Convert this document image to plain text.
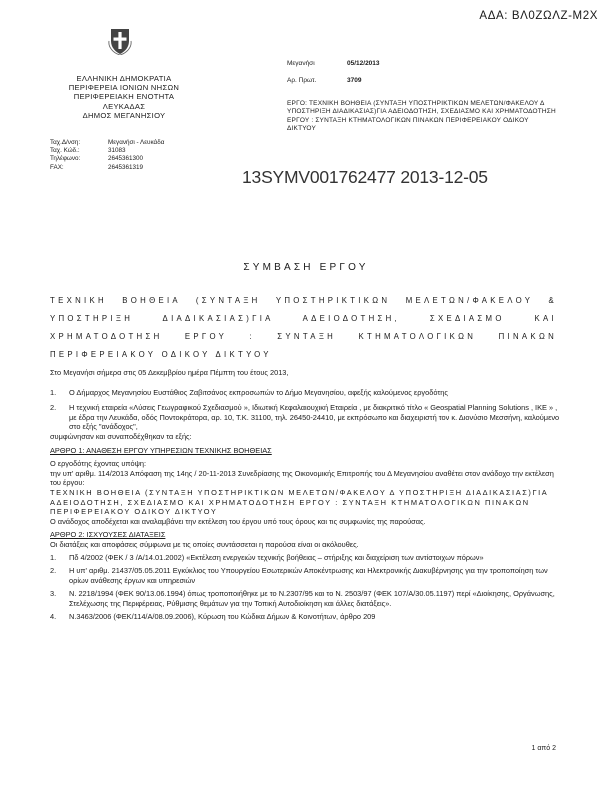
ΑΔΑ: ΒΛ0ΖΩΛΖ-Μ2Χ
ΕΛΛΗΝΙΚΗ ΔΗΜΟΚΡΑΤΙΑ
ΠΕΡΙΦΕΡΕΙΑ ΙΟΝΙΩΝ ΝΗΣΩΝ
ΠΕΡΙΦΕΡΕΙΑΚΗ ΕΝΟΤΗΤΑ
ΛΕΥΚΑΔΑΣ
ΔΗΜΟΣ ΜΕΓΑΝΗΣΙΟΥ
Ταχ.Δ/νση:	Μεγανήσι - Λευκάδα
Ταχ. Κώδ.:	31083
Τηλέφωνο:	2645361300
FAX:	2645361319
Μεγανήσι	05/12/2013
Αρ. Πρωτ.	3709
ΕΡΓΟ: ΤΕΧΝΙΚΗ ΒΟΗΘΕΙΑ (ΣΥΝΤΑΞΗ ΥΠΟΣΤΗΡΙΚΤΙΚΩΝ ΜΕΛΕΤΩΝ/ΦΑΚΕΛΟΥ Δ ΥΠΟΣΤΗΡΙΞΗ ΔΙΑΔΙΚΑΣΙΑΣ)ΓΙΑ ΑΔΕΙΟΔΟΤΗΣΗ, ΣΧΕΔΙΑΣΜΟ ΚΑΙ ΧΡΗΜΑΤΟΔΟΤΗΣΗ ΕΡΓΟΥ : ΣΥΝΤΑΞΗ ΚΤΗΜΑΤΟΛΟΓΙΚΩΝ ΠΙΝΑΚΩΝ ΠΕΡΙΦΕΡΕΙΑΚΟΥ ΟΔΙΚΟΥ ΔΙΚΤΥΟΥ
13SYMV001762477 2013-12-05
ΣΥΜΒΑΣΗ ΕΡΓΟΥ
ΤΕΧΝΙΚΗ ΒΟΗΘΕΙΑ (ΣΥΝΤΑΞΗ ΥΠΟΣΤΗΡΙΚΤΙΚΩΝ ΜΕΛΕΤΩΝ/ΦΑΚΕΛΟΥ &
ΥΠΟΣΤΗΡΙΞΗ ΔΙΑΔΙΚΑΣΙΑΣ)ΓΙΑ ΑΔΕΙΟΔΟΤΗΣΗ, ΣΧΕΔΙΑΣΜΟ ΚΑΙ
ΧΡΗΜΑΤΟΔΟΤΗΣΗ ΕΡΓΟΥ : ΣΥΝΤΑΞΗ ΚΤΗΜΑΤΟΛΟΓΙΚΩΝ ΠΙΝΑΚΩΝ
ΠΕΡΙΦΕΡΕΙΑΚΟΥ ΟΔΙΚΟΥ ΔΙΚΤΥΟΥ
Στο Μεγανήσι σήμερα στις 05 Δεκεμβρίου ημέρα Πέμπτη του έτους 2013,
1.	Ο Δήμαρχος Μεγανησίου Ευστάθιος Ζαβιτσάνος εκπροσωπών το Δήμο Μεγανησίου, αφεξής καλούμενος εργοδότης
2.	Η τεχνική εταιρεία «Λύσεις Γεωγραφικού Σχεδιασμού », Ιδιωτική Κεφαλαιουχική Εταιρεία , με διακριτικό τίτλο « Geospatial Planning Solutions , IKE » , με έδρα την Λευκάδα, οδός Ποντοκράτορα, αρ. 10, Τ.Κ. 31100, τηλ. 26450-24410, με εκπρόσωπο και διαχειριστή τον κ. Διονύσιο Μεσσήνη, καλούμενο στο εξής "ανάδοχος",
συμφώνησαν και συναποδέχθηκαν τα εξής:
ΑΡΘΡΟ 1: ΑΝΑΘΕΣΗ ΕΡΓΟΥ ΥΠΗΡΕΣΙΩΝ ΤΕΧΝΙΚΗΣ ΒΟΗΘΕΙΑΣ
Ο εργοδότης έχοντας υπόψη:
την υπ' αριθμ. 114/2013 Απόφαση της 14ης / 20-11-2013 Συνεδρίασης της Οικονομικής Επιτροπής του Δ Μεγανησίου αναθέτει στον ανάδοχο την εκτέλεση του έργου:
ΤΕΧΝΙΚΗ ΒΟΗΘΕΙΑ (ΣΥΝΤΑΞΗ ΥΠΟΣΤΗΡΙΚΤΙΚΩΝ ΜΕΛΕΤΩΝ/ΦΑΚΕΛΟΥ Δ ΥΠΟΣΤΗΡΙΞΗ ΔΙΑΔΙΚΑΣΙΑΣ)ΓΙΑ ΑΔΕΙΟΔΟΤΗΣΗ, ΣΧΕΔΙΑΣΜΟ ΚΑΙ ΧΡΗΜΑΤΟΔΟΤΗΣΗ ΕΡΓΟΥ : ΣΥΝΤΑΞΗ ΚΤΗΜΑΤΟΛΟΓΙΚΩΝ ΠΙΝΑΚΩΝ ΠΕΡΙΦΕΡΕΙΑΚΟΥ ΟΔΙΚΟΥ ΔΙΚΤΥΟΥ
Ο ανάδοχος αποδέχεται και αναλαμβάνει την εκτέλεση του έργου υπό τους όρους και τις συμφωνίες της παρούσας.
ΑΡΘΡΟ 2: ΙΣΧΥΟΥΣΕΣ ΔΙΑΤΑΞΕΙΣ
Οι διατάξεις και αποφάσεις σύμφωνα με τις οποίες συντάσσεται η παρούσα είναι οι ακόλουθες.
1.	Πδ 4/2002 (ΦΕΚ / 3 /Α/14.01.2002) «Εκτέλεση ενεργειών τεχνικής βοήθειας – στήριξης και διαχείριση των αντίστοιχων πόρων»
2.	Η υπ' αριθμ. 21437/05.05.2011 Εγκύκλιος του Υπουργείου Εσωτερικών Αποκέντρωσης και Ηλεκτρονικής Διακυβέρνησης για την τροποποίηση των ορίων ανάθεσης έργων και υπηρεσιών
3.	Ν. 2218/1994 (ΦΕΚ 90/13.06.1994) όπως τροποποιήθηκε με το Ν.2307/95 και το Ν. 2503/97 (ΦΕΚ 107/Α/30.05.1197) περί «Διοίκησης, Οργάνωσης, Στελέχωσης της Περιφέρειας, Ρύθμισης θεμάτων για την Τοπική Αυτοδιοίκηση και άλλες διατάξεις».
4.	Ν.3463/2006 (ΦΕΚ/114/Α/08.09.2006), Κύρωση του Κώδικα Δήμων & Κοινοτήτων, άρθρο 209
1 από 2
